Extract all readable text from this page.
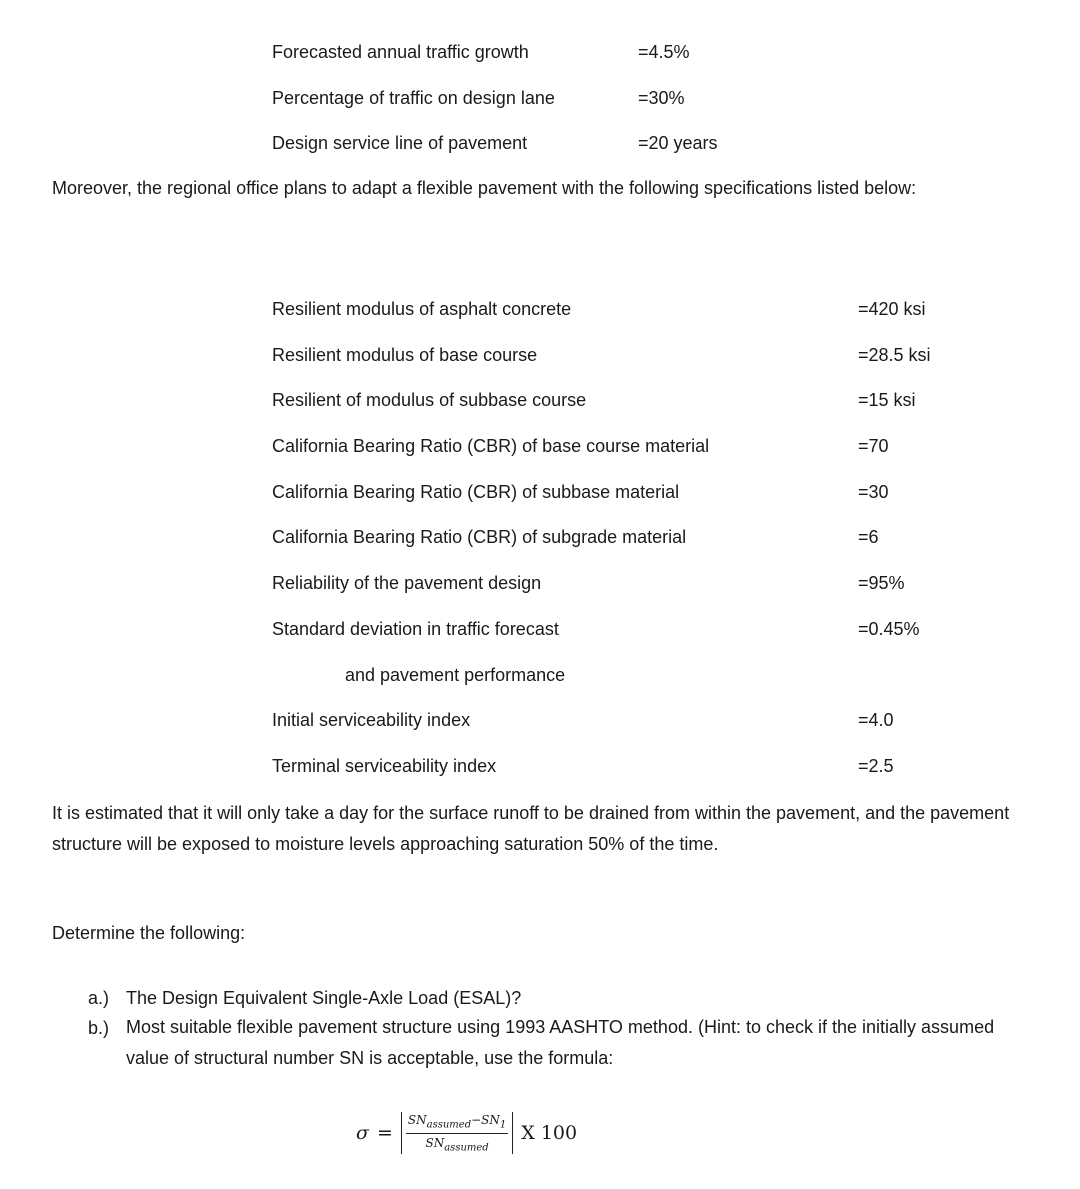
Forecasted annual traffic growth	=4.5%
Percentage of traffic on design lane	=30%
Design service line of pavement	=20 years
Moreover, the regional office plans to adapt a flexible pavement with the following specifications listed below:
Resilient modulus of asphalt concrete	=420 ksi
Resilient modulus of base course	=28.5 ksi
Resilient of modulus of subbase course	=15 ksi
California Bearing Ratio (CBR) of base course material	=70
California Bearing Ratio (CBR) of subbase material	=30
California Bearing Ratio (CBR) of subgrade material	=6
Reliability of the pavement design	=95%
Standard deviation in traffic forecast	=0.45%
and pavement performance
Initial serviceability index	=4.0
Terminal serviceability index	=2.5
It is estimated that it will only take a day for the surface runoff to be drained from within the pavement, and the pavement structure will be exposed to moisture levels approaching saturation 50% of the time.
Determine the following:
a.) The Design Equivalent Single-Axle Load (ESAL)?
b.) Most suitable flexible pavement structure using 1993 AASHTO method. (Hint: to check if the initially assumed value of structural number SN is acceptable, use the formula:
$\sigma = \frac{SN_{assumed}-SN_1}{SN_{assumed}}$ X 100
